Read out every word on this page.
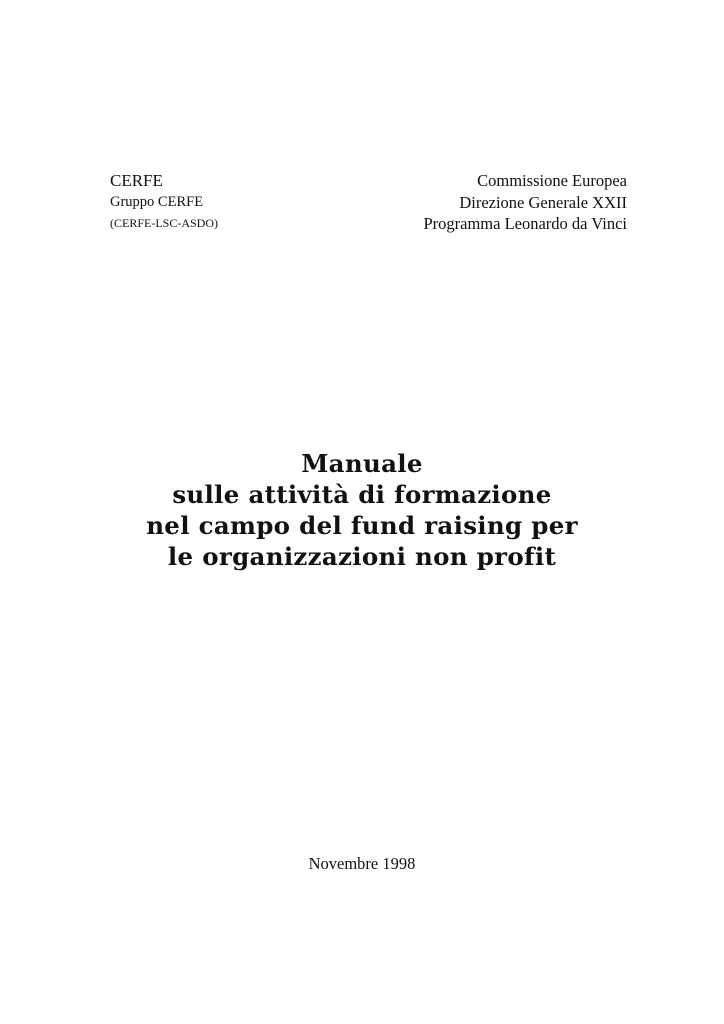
CERFE

Gruppo CERFE

(CERFE-LSC-ASDO)

Commissione Europea

Direzione Generale XXII

Programma Leonardo da Vinci

Manuale

sulle attività di formazione

nel campo del fund raising per

le organizzazioni non profit

Novembre 1998
